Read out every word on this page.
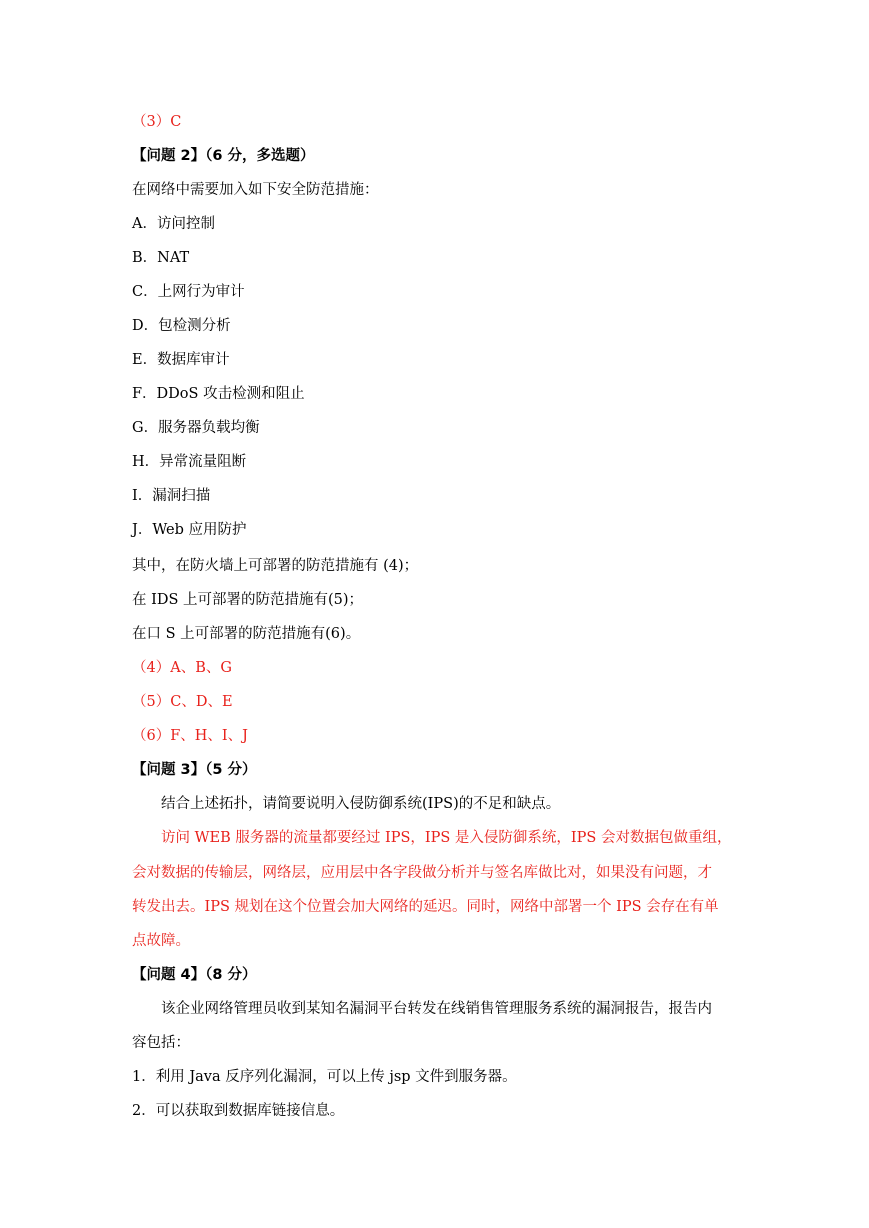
（3）C
【问题 2】（6 分，多选题）
在网络中需要加入如下安全防范措施：
A．访问控制
B．NAT
C．上网行为审计
D．包检测分析
E．数据库审计
F．DDoS 攻击检测和阻止
G．服务器负载均衡
H．异常流量阻断
I．漏洞扫描
J．Web 应用防护
其中，在防火墙上可部署的防范措施有 (4)；
在 IDS 上可部署的防范措施有(5)；
在口 S 上可部署的防范措施有(6)。
（4）A、B、G
（5）C、D、E
（6）F、H、I、J
【问题 3】（5 分）
结合上述拓扑，请简要说明入侵防御系统(IPS)的不足和缺点。
访问 WEB 服务器的流量都要经过 IPS，IPS 是入侵防御系统，IPS 会对数据包做重组，
会对数据的传输层，网络层，应用层中各字段做分析并与签名库做比对，如果没有问题，才
转发出去。IPS 规划在这个位置会加大网络的延迟。同时，网络中部署一个 IPS 会存在有单
点故障。
【问题 4】（8 分）
该企业网络管理员收到某知名漏洞平台转发在线销售管理服务系统的漏洞报告，报告内
容包括：
1．利用 Java 反序列化漏洞，可以上传 jsp 文件到服务器。
2．可以获取到数据库链接信息。
